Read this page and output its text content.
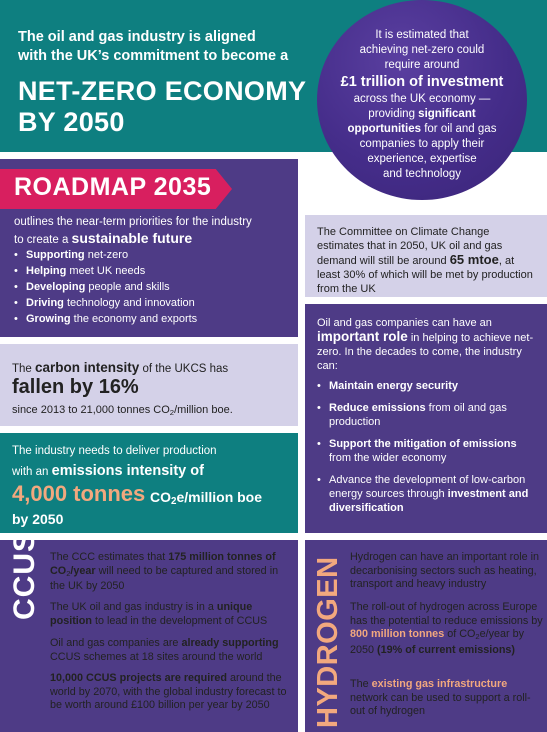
The oil and gas industry is aligned
with the UK’s commitment to become a
NET-ZERO ECONOMY
BY 2050
It is estimated that
achieving net-zero could
require around
£1 trillion of investment
across the UK economy —
providing significant
opportunities for oil and gas
companies to apply their
experience, expertise
and technology
ROADMAP 2035
outlines the near-term priorities for the industry
to create a sustainable future
• Supporting net-zero
• Helping meet UK needs
• Developing people and skills
• Driving technology and innovation
• Growing the economy and exports
The carbon intensity of the UKCS has
fallen by 16%
since 2013 to 21,000 tonnes $CO_2$/million boe.
The industry needs to deliver production
with an emissions intensity of
4,000 tonnes $CO_2e$/million boe
by 2050
The Committee on Climate Change estimates that in 2050, UK oil and gas demand will still be around 65 mtoe, at least 30% of which will be met by production from the UK
Oil and gas companies can have an important role in helping to achieve net-zero. In the decades to come, the industry can:
• Maintain energy security
• Reduce emissions from oil and gas production
• Support the mitigation of emissions from the wider economy
• Advance the development of low-carbon energy sources through investment and diversification
CCUS The CCC estimates that 175 million tonnes of $CO_2$/year will need to be captured and stored in the UK by 2050
The UK oil and gas industry is in a unique position to lead in the development of CCUS
Oil and gas companies are already supporting CCUS schemes at 18 sites around the world
10,000 CCUS projects are required around the world by 2070, with the global industry forecast to be worth around £100 billion per year by 2050	HYDROGEN Hydrogen can have an important role in decarbonising sectors such as heating, transport and heavy industry
The roll-out of hydrogen across Europe has the potential to reduce emissions by 800 million tonnes of $CO_2e$/year by 2050 (19% of current emissions)
The existing gas infrastructure network can be used to support a roll-out of hydrogen
